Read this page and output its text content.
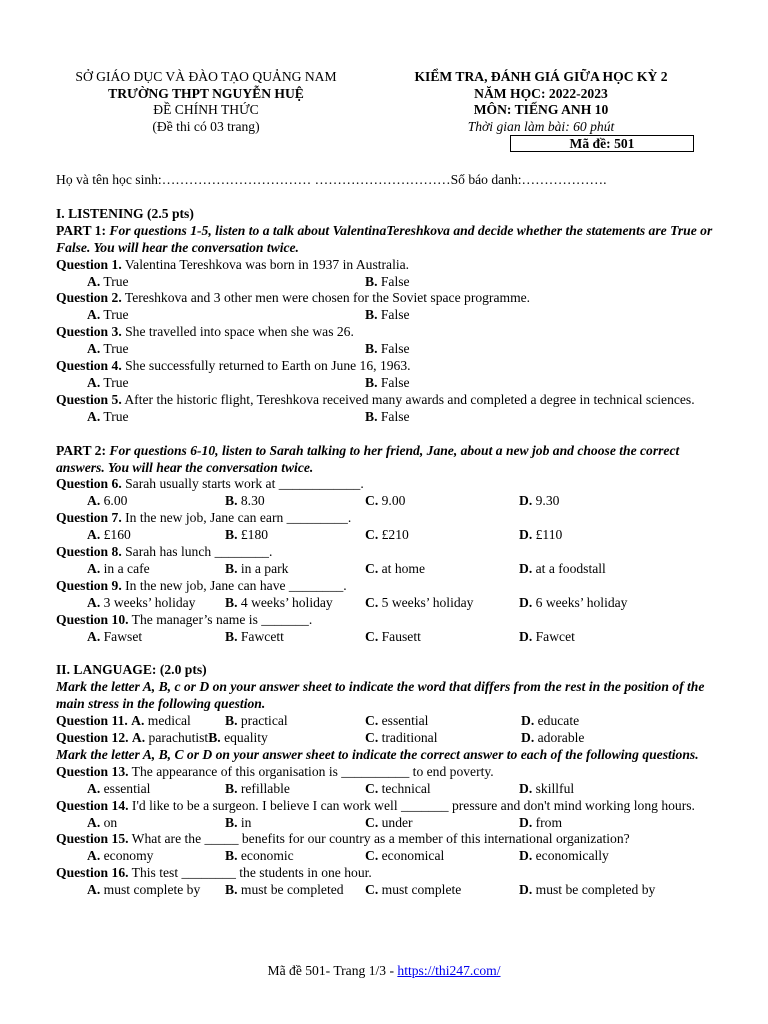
SỞ GIÁO DỤC VÀ ĐÀO TẠO QUẢNG NAM
TRƯỜNG THPT NGUYỄN HUỆ
ĐỀ CHÍNH THỨC
(Đề thi có 03 trang)
KIỂM TRA, ĐÁNH GIÁ GIỮA HỌC KỲ 2
NĂM HỌC: 2022-2023
MÔN: TIẾNG ANH 10
Thời gian làm bài: 60 phút
Mã đề: 501
Họ và tên học sinh:…………………………… …………………………Số báo danh:……………….
I. LISTENING (2.5 pts)
PART 1: For questions 1-5, listen to a talk about ValentinaTereshkova and decide whether the statements are True or False. You will hear the conversation twice.
Question 1. Valentina Tereshkova was born in 1937 in Australia.
A. True	B. False
Question 2. Tereshkova and 3 other men were chosen for the Soviet space programme.
A. True	B. False
Question 3. She travelled into space when she was 26.
A. True	B. False
Question 4. She successfully returned to Earth on June 16, 1963.
A. True	B. False
Question 5. After the historic flight, Tereshkova received many awards and completed a degree in technical sciences.
A. True	B. False
PART 2: For questions 6-10, listen to Sarah talking to her friend, Jane, about a new job and choose the correct answers. You will hear the conversation twice.
Question 6. Sarah usually starts work at ____________.
A. 6.00	B. 8.30	C. 9.00	D. 9.30
Question 7. In the new job, Jane can earn _________.
A. £160	B. £180	C. £210	D. £110
Question 8. Sarah has lunch ________.
A. in a cafe	B. in a park	C. at home	D. at a foodstall
Question 9. In the new job, Jane can have ________.
A. 3 weeks’ holiday B. 4 weeks’ holiday C. 5 weeks’ holiday	D. 6 weeks’ holiday
Question 10. The manager’s name is _______.
A. Fawset	B. Fawcett	C. Fausett	D. Fawcet
II. LANGUAGE: (2.0 pts)
Mark the letter A, B, c or D on your answer sheet to indicate the word that differs from the rest in the position of the main stress in the following question.
Question 11. A. medical	B. practical	C. essential	D. educate
Question 12. A. parachutistB. equality	C. traditional	D. adorable
Mark the letter A, B, C or D on your answer sheet to indicate the correct answer to each of the following questions.
Question 13. The appearance of this organisation is __________ to end poverty.
A. essential	B. refillable	C. technical	D. skillful
Question 14. I'd like to be a surgeon. I believe I can work well _______ pressure and don't mind working long hours.
A. on	B. in	C. under	D. from
Question 15. What are the _____ benefits for our country as a member of this international organization?
A. economy	B. economic	C. economical	D. economically
Question 16. This test ________ the students in one hour.
A. must complete by B. must be completed C. must complete	D. must be completed by
Mã đề 501- Trang 1/3 - https://thi247.com/
